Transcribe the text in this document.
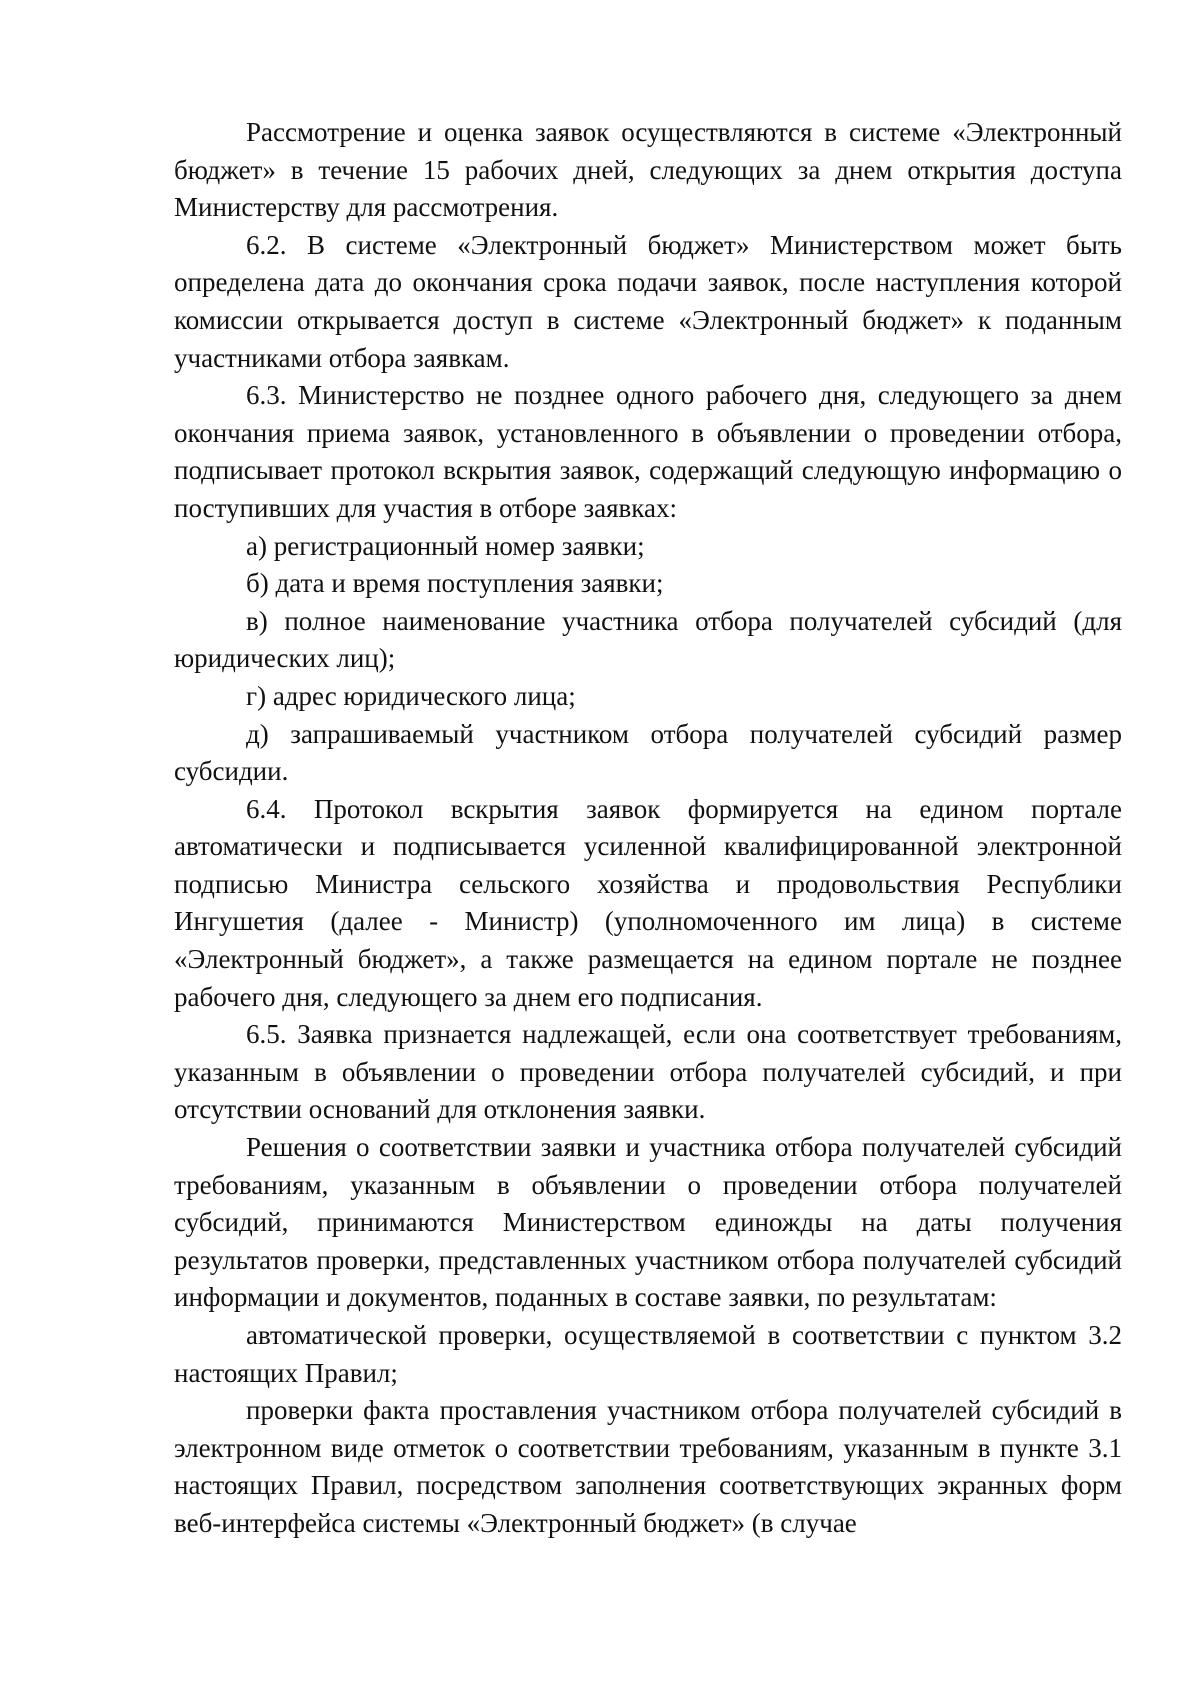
Рассмотрение и оценка заявок осуществляются в системе «Электронный бюджет» в течение 15 рабочих дней, следующих за днем открытия доступа Министерству для рассмотрения.

6.2. В системе «Электронный бюджет» Министерством может быть определена дата до окончания срока подачи заявок, после наступления которой комиссии открывается доступ в системе «Электронный бюджет» к поданным участниками отбора заявкам.

6.3. Министерство не позднее одного рабочего дня, следующего за днем окончания приема заявок, установленного в объявлении о проведении отбора, подписывает протокол вскрытия заявок, содержащий следующую информацию о поступивших для участия в отборе заявках:

а) регистрационный номер заявки;

б) дата и время поступления заявки;

в) полное наименование участника отбора получателей субсидий (для юридических лиц);

г) адрес юридического лица;

д) запрашиваемый участником отбора получателей субсидий размер субсидии.

6.4. Протокол вскрытия заявок формируется на едином портале автоматически и подписывается усиленной квалифицированной электронной подписью Министра сельского хозяйства и продовольствия Республики Ингушетия (далее - Министр) (уполномоченного им лица) в системе «Электронный бюджет», а также размещается на едином портале не позднее рабочего дня, следующего за днем его подписания.

6.5. Заявка признается надлежащей, если она соответствует требованиям, указанным в объявлении о проведении отбора получателей субсидий, и при отсутствии оснований для отклонения заявки.

Решения о соответствии заявки и участника отбора получателей субсидий требованиям, указанным в объявлении о проведении отбора получателей субсидий, принимаются Министерством единожды на даты получения результатов проверки, представленных участником отбора получателей субсидий информации и документов, поданных в составе заявки, по результатам:

автоматической проверки, осуществляемой в соответствии с пунктом 3.2 настоящих Правил;

проверки факта проставления участником отбора получателей субсидий в электронном виде отметок о соответствии требованиям, указанным в пункте 3.1 настоящих Правил, посредством заполнения соответствующих экранных форм веб-интерфейса системы «Электронный бюджет» (в случае
